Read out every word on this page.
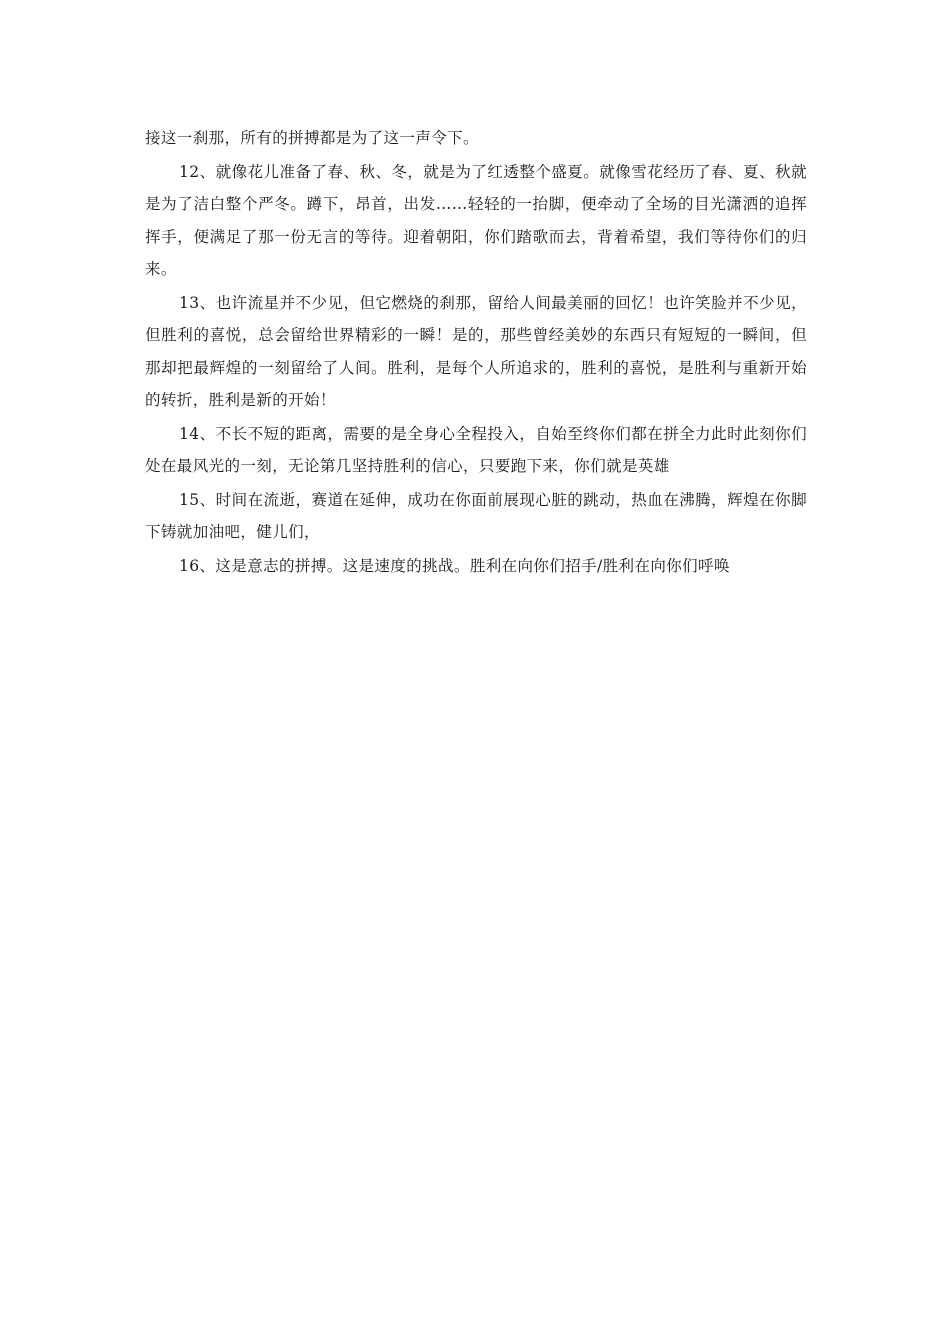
接这一刹那，所有的拼搏都是为了这一声令下。

12、就像花儿准备了春、秋、冬，就是为了红透整个盛夏。就像雪花经历了春、夏、秋就是为了洁白整个严冬。蹲下，昂首，出发……轻轻的一抬脚，便牵动了全场的目光潇洒的追挥挥手，便满足了那一份无言的等待。迎着朝阳，你们踏歌而去，背着希望，我们等待你们的归来。

13、也许流星并不少见，但它燃烧的刹那，留给人间最美丽的回忆！也许笑脸并不少见，但胜利的喜悦，总会留给世界精彩的一瞬！是的，那些曾经美妙的东西只有短短的一瞬间，但那却把最辉煌的一刻留给了人间。胜利，是每个人所追求的，胜利的喜悦，是胜利与重新开始的转折，胜利是新的开始！

14、不长不短的距离，需要的是全身心全程投入，自始至终你们都在拼全力此时此刻你们处在最风光的一刻，无论第几坚持胜利的信心，只要跑下来，你们就是英雄

15、时间在流逝，赛道在延伸，成功在你面前展现心脏的跳动，热血在沸腾，辉煌在你脚下铸就加油吧，健儿们，

16、这是意志的拼搏。这是速度的挑战。胜利在向你们招手/胜利在向你们呼唤
